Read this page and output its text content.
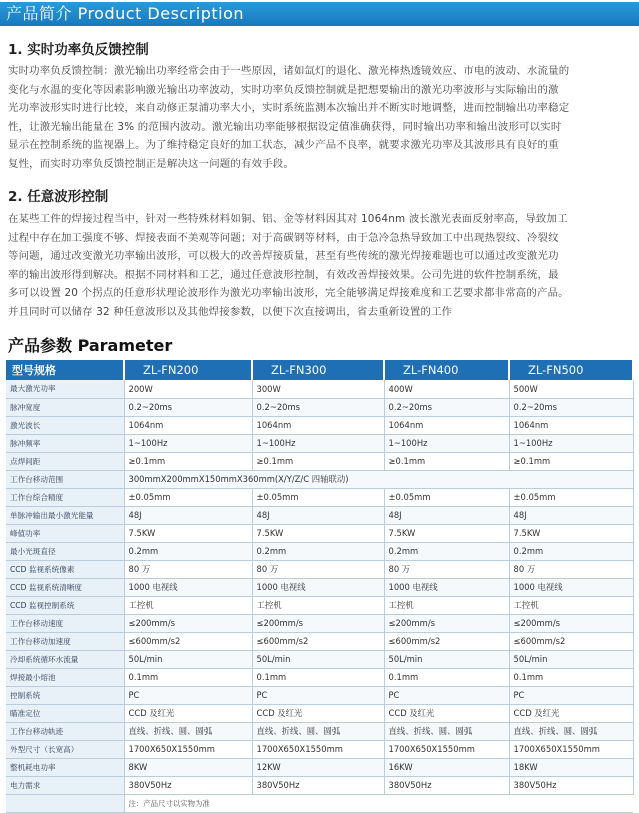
产品简介 Product Description
1. 实时功率负反馈控制
实时功率负反馈控制：激光输出功率经常会由于一些原因，诸如氙灯的退化、激光棒热透镜效应、市电的波动、水流量的
变化与水温的变化等因素影响激光输出功率波动，实时功率负反馈控制就是把想要输出的激光功率波形与实际输出的激
光功率波形实时进行比较，来自动修正泵浦功率大小，实时系统监测本次输出并不断实时地调整，进而控制输出功率稳定
性，让激光输出能量在 3% 的范围内波动。激光输出功率能够根据设定值准确获得，同时输出功率和输出波形可以实时
显示在控制系统的监视器上。为了维持稳定良好的加工状态，减少产品不良率，就要求激光功率及其波形具有良好的重
复性，而实时功率负反馈控制正是解决这一问题的有效手段。
2. 任意波形控制
在某些工件的焊接过程当中，针对一些特殊材料如铜、铝、金等材料因其对 1064nm 波长激光表面反射率高，导致加工
过程中存在加工强度不够、焊接表面不美观等问题；对于高碳钢等材料，由于急冷急热导致加工中出现热裂纹、冷裂纹
等问题，通过改变激光功率输出波形，可以极大的改善焊接质量，甚至有些传统的激光焊接难题也可以通过改变激光功
率的输出波形得到解决。根据不同材料和工艺，通过任意波形控制，有效改善焊接效果。公司先进的软件控制系统，最
多可以设置 20 个拐点的任意形状理论波形作为激光功率输出波形，完全能够满足焊接难度和工艺要求都非常高的产品。
并且同时可以储存 32 种任意波形以及其他焊接参数，以便下次直接调出，省去重新设置的工作
产品参数 Parameter
型号规格	ZL-FN200	ZL-FN300	ZL-FN400	ZL-FN500
最大激光功率	200W	300W	400W	500W
脉冲宽度	0.2~20ms	0.2~20ms	0.2~20ms	0.2~20ms
激光波长	1064nm	1064nm	1064nm	1064nm
脉冲频率	1~100Hz	1~100Hz	1~100Hz	1~100Hz
点焊间距	≥0.1mm	≥0.1mm	≥0.1mm	≥0.1mm
工作台移动范围	300mmX200mmX150mmX360mm(X/Y/Z/C 四轴联动)			
工作台综合精度	±0.05mm	±0.05mm	±0.05mm	±0.05mm
单脉冲输出最小激光能量	48J	48J	48J	48J
峰值功率	7.5KW	7.5KW	7.5KW	7.5KW
最小光斑直径	0.2mm	0.2mm	0.2mm	0.2mm
CCD 监视系统像素	80 万	80 万	80 万	80 万
CCD 监视系统清晰度	1000 电视线	1000 电视线	1000 电视线	1000 电视线
CCD 监视控制系统	工控机	工控机	工控机	工控机
工作台移动速度	≤200mm/s	≤200mm/s	≤200mm/s	≤200mm/s
工作台移动加速度	≤600mm/s2	≤600mm/s2	≤600mm/s2	≤600mm/s2
冷却系统循环水流量	50L/min	50L/min	50L/min	50L/min
焊接最小熔池	0.1mm	0.1mm	0.1mm	0.1mm
控制系统	PC	PC	PC	PC
瞄准定位	CCD 及红光	CCD 及红光	CCD 及红光	CCD 及红光
工作台移动轨迹	直线、折线、圆、圆弧	直线、折线、圆、圆弧	直线、折线、圆、圆弧	直线、折线、圆、圆弧
外型尺寸（长宽高）	1700X650X1550mm	1700X650X1550mm	1700X650X1550mm	1700X650X1550mm
整机耗电功率	8KW	12KW	16KW	18KW
电力需求	380V50Hz	380V50Hz	380V50Hz	380V50Hz
	注：产品尺寸以实物为准			
